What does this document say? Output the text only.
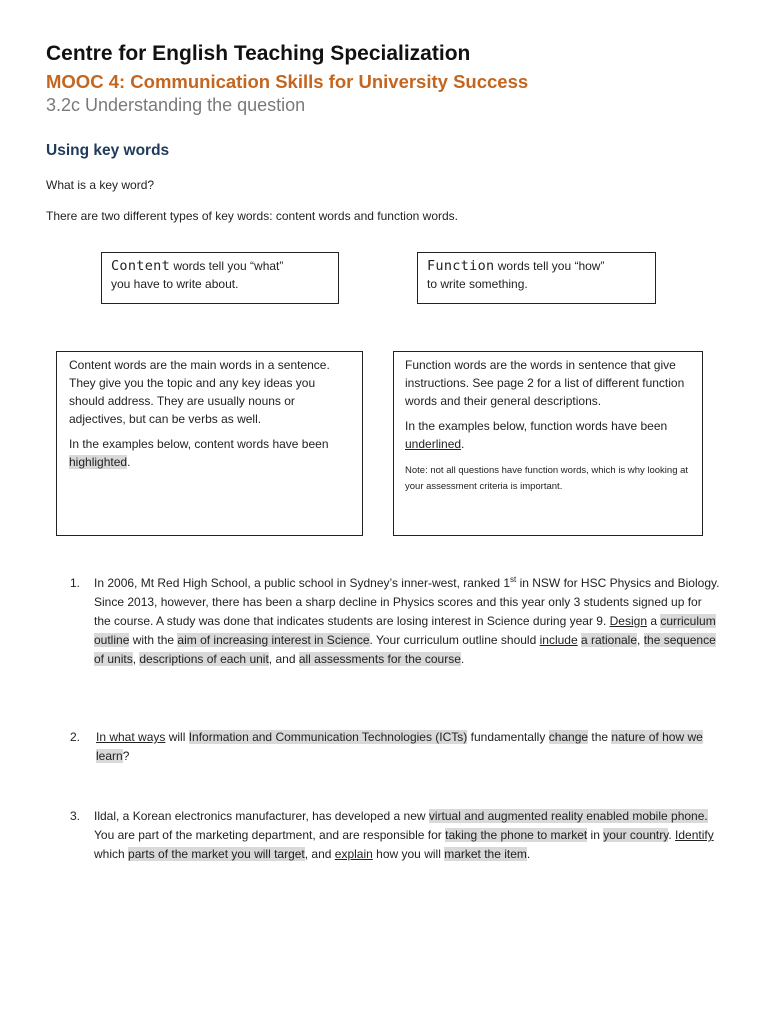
Centre for English Teaching Specialization
MOOC 4: Communication Skills for University Success
3.2c Understanding the question
Using key words
What is a key word?
There are two different types of key words: content words and function words.
Content words tell you “what”
you have to write about.
Function words tell you “how”
to write something.

Content words are the main words in a sentence. They give you the topic and any key ideas you should address. They are usually nouns or adjectives, but can be verbs as well.

In the examples below, content words have been highlighted.

Function words are the words in sentence that give instructions. See page 2 for a list of different function words and their general descriptions.

In the examples below, function words have been underlined.

Note: not all questions have function words, which is why looking at your assessment criteria is important.

1. In 2006, Mt Red High School, a public school in Sydney’s inner-west, ranked 1st in NSW for HSC Physics and Biology. Since 2013, however, there has been a sharp decline in Physics scores and this year only 3 students signed up for the course. A study was done that indicates students are losing interest in Science during year 9. Design a curriculum outline with the aim of increasing interest in Science. Your curriculum outline should include a rationale, the sequence of units, descriptions of each unit, and all assessments for the course.
2. In what ways will Information and Communication Technologies (ICTs) fundamentally change the nature of how we learn?
3. Ildal, a Korean electronics manufacturer, has developed a new virtual and augmented reality enabled mobile phone. You are part of the marketing department, and are responsible for taking the phone to market in your country. Identify which parts of the market you will target, and explain how you will market the item.
